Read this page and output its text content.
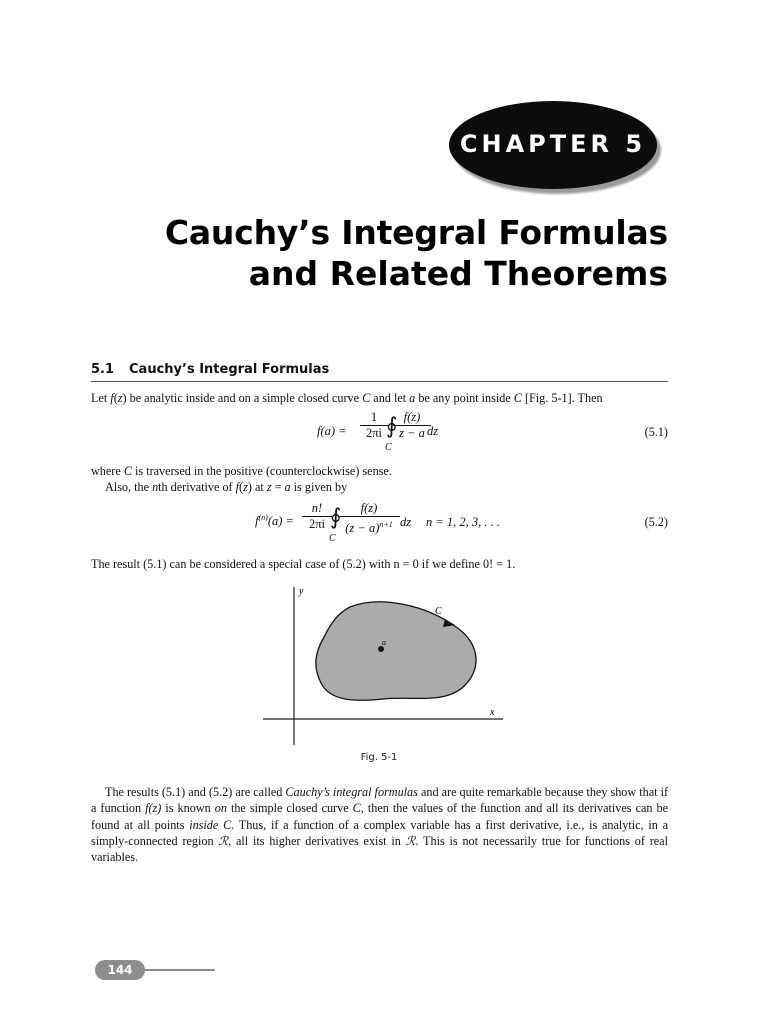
CHAPTER 5
Cauchy’s Integral Formulas
and Related Theorems
5.1 Cauchy’s Integral Formulas
Let f(z) be analytic inside and on a simple closed curve C and let a be any point inside C [Fig. 5-1]. Then
$f(a) = \frac{1}{2\pi i}$
∮
C
$\frac{f(z)}{z - a}$
dz	(5.1)
where C is traversed in the positive (counterclockwise) sense.
Also, the nth derivative of f(z) at z = a is given by
$f^{(n)}(a) = \frac{n!}{2\pi i}$
∮
C
$\frac{f(z)}{(z - a)^{n+1}}$ dz n = 1, 2, 3, . . .	(5.2)
The result (5.1) can be considered a special case of (5.2) with n = 0 if we define 0! = 1.
y
x
C
a
Fig. 5-1
The results (5.1) and (5.2) are called Cauchy’s integral formulas and are quite remarkable because they show that if a function f(z) is known on the simple closed curve C, then the values of the function and all its derivatives can be found at all points inside C. Thus, if a function of a complex variable has a first derivative, i.e., is analytic, in a simply-connected region ℛ, all its higher derivatives exist in ℛ. This is not necessarily true for functions of real variables.
144
